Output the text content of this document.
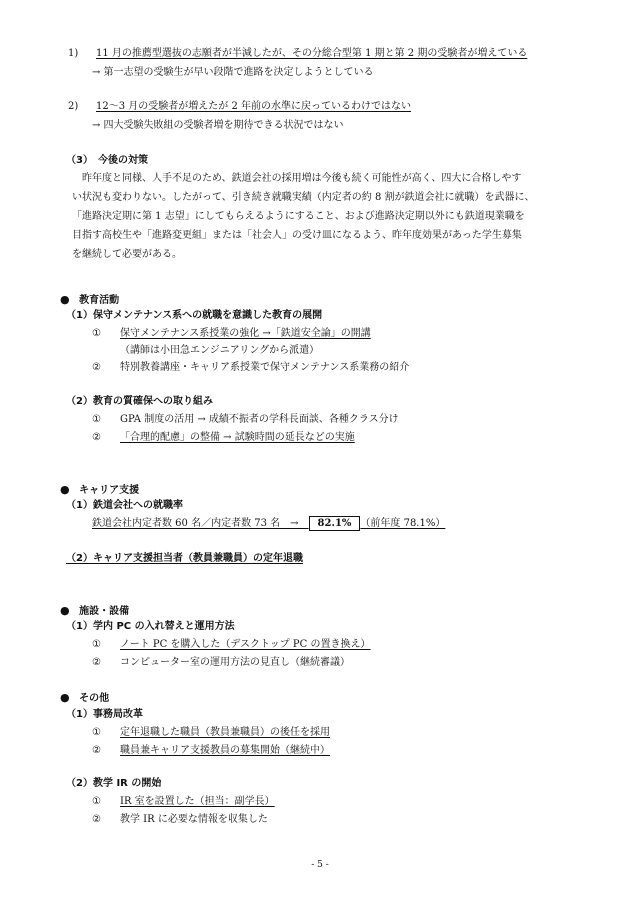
1) 11 月の推薦型選抜の志願者が半減したが、その分総合型第 1 期と第 2 期の受験者が増えている
→ 第一志望の受験生が早い段階で進路を決定しようとしている
2) 12～3 月の受験者が増えたが 2 年前の水準に戻っているわけではない
→ 四大受験失敗組の受験者増を期待できる状況ではない
（3）　今後の対策
　昨年度と同様、人手不足のため、鉄道会社の採用増は今後も続く可能性が高く、四大に合格しやす
い状況も変わりない。したがって、引き続き就職実績（内定者の約 8 割が鉄道会社に就職）を武器に、
「進路決定期に第 1 志望」にしてもらえるようにすること、および進路決定期以外にも鉄道現業職を
目指す高校生や「進路変更組」または「社会人」の受け皿になるよう、昨年度効果があった学生募集
を継続して必要がある。
● 教育活動
（1）保守メンテナンス系への就職を意識した教育の展開
① 保守メンテナンス系授業の強化 →「鉄道安全論」の開講
（講師は小田急エンジニアリングから派遣）
② 特別教養講座・キャリア系授業で保守メンテナンス系業務の紹介
（2）教育の質確保への取り組み
① GPA 制度の活用 → 成績不振者の学科長面談、各種クラス分け
② 「合理的配慮」の整備 → 試験時間の延長などの実施
● キャリア支援
（1）鉄道会社への就職率
鉄道会社内定者数 60 名／内定者数 73 名　→　82.1% （前年度 78.1%）
（2）キャリア支援担当者（教員兼職員）の定年退職
● 施設・設備
（1）学内 PC の入れ替えと運用方法
① ノート PC を購入した（デスクトップ PC の置き換え）
② コンピューター室の運用方法の見直し（継続審議）
● その他
（1）事務局改革
① 定年退職した職員（教員兼職員）の後任を採用
② 職員兼キャリア支援教員の募集開始（継続中）
（2）教学 IR の開始
① IR 室を設置した（担当：副学長）
② 教学 IR に必要な情報を収集した
- 5 -
